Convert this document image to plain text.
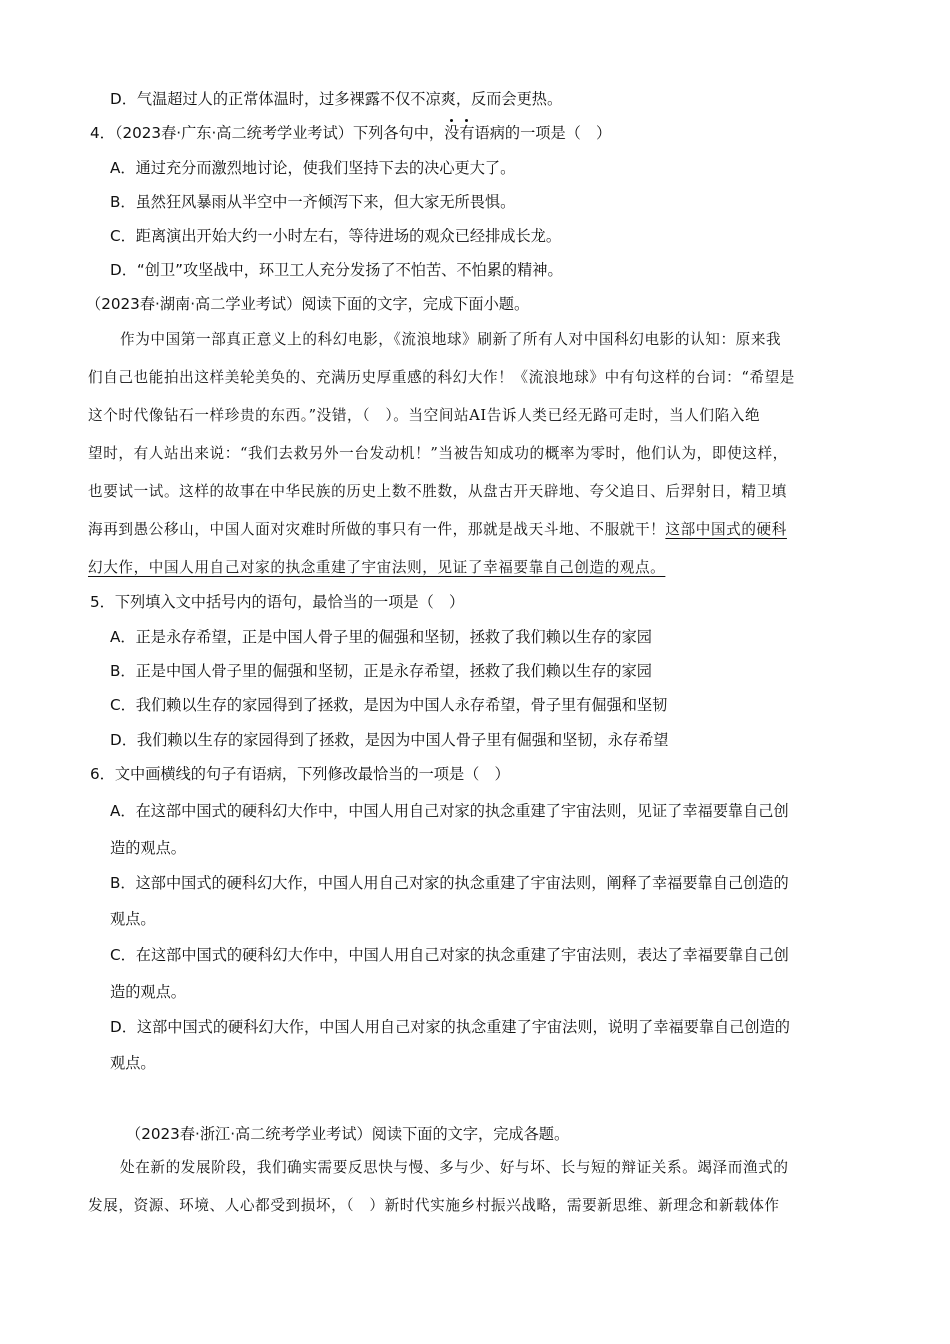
D．气温超过人的正常体温时，过多裸露不仅不凉爽，反而会更热。
4．（2023春·广东·高二统考学业考试）下列各句中，没有语病的一项是（　）
A．通过充分而激烈地讨论，使我们坚持下去的决心更大了。
B．虽然狂风暴雨从半空中一齐倾泻下来，但大家无所畏惧。
C．距离演出开始大约一小时左右，等待进场的观众已经排成长龙。
D．“创卫”攻坚战中，环卫工人充分发扬了不怕苦、不怕累的精神。
（2023春·湖南·高二学业考试）阅读下面的文字，完成下面小题。
作为中国第一部真正意义上的科幻电影，《流浪地球》刷新了所有人对中国科幻电影的认知：原来我
们自己也能拍出这样美轮美奂的、充满历史厚重感的科幻大作！《流浪地球》中有句这样的台词：“希望是
这个时代像钻石一样珍贵的东西。”没错，（　）。当空间站AI告诉人类已经无路可走时，当人们陷入绝
望时，有人站出来说：“我们去救另外一台发动机！”当被告知成功的概率为零时，他们认为，即使这样，
也要试一试。这样的故事在中华民族的历史上数不胜数，从盘古开天辟地、夸父追日、后羿射日，精卫填
海再到愚公移山，中国人面对灾难时所做的事只有一件，那就是战天斗地、不服就干！这部中国式的硬科
幻大作，中国人用自己对家的执念重建了宇宙法则，见证了幸福要靠自己创造的观点。
5．下列填入文中括号内的语句，最恰当的一项是（　）
A．正是永存希望，正是中国人骨子里的倔强和坚韧，拯救了我们赖以生存的家园
B．正是中国人骨子里的倔强和坚韧，正是永存希望，拯救了我们赖以生存的家园
C．我们赖以生存的家园得到了拯救，是因为中国人永存希望，骨子里有倔强和坚韧
D．我们赖以生存的家园得到了拯救，是因为中国人骨子里有倔强和坚韧，永存希望
6．文中画横线的句子有语病，下列修改最恰当的一项是（　）
A．在这部中国式的硬科幻大作中，中国人用自己对家的执念重建了宇宙法则，见证了幸福要靠自己创
造的观点。
B．这部中国式的硬科幻大作，中国人用自己对家的执念重建了宇宙法则，阐释了幸福要靠自己创造的
观点。
C．在这部中国式的硬科幻大作中，中国人用自己对家的执念重建了宇宙法则，表达了幸福要靠自己创
造的观点。
D．这部中国式的硬科幻大作，中国人用自己对家的执念重建了宇宙法则，说明了幸福要靠自己创造的
观点。
（2023春·浙江·高二统考学业考试）阅读下面的文字，完成各题。
处在新的发展阶段，我们确实需要反思快与慢、多与少、好与坏、长与短的辩证关系。竭泽而渔式的
发展，资源、环境、人心都受到损坏，（　）新时代实施乡村振兴战略，需要新思维、新理念和新载体作
